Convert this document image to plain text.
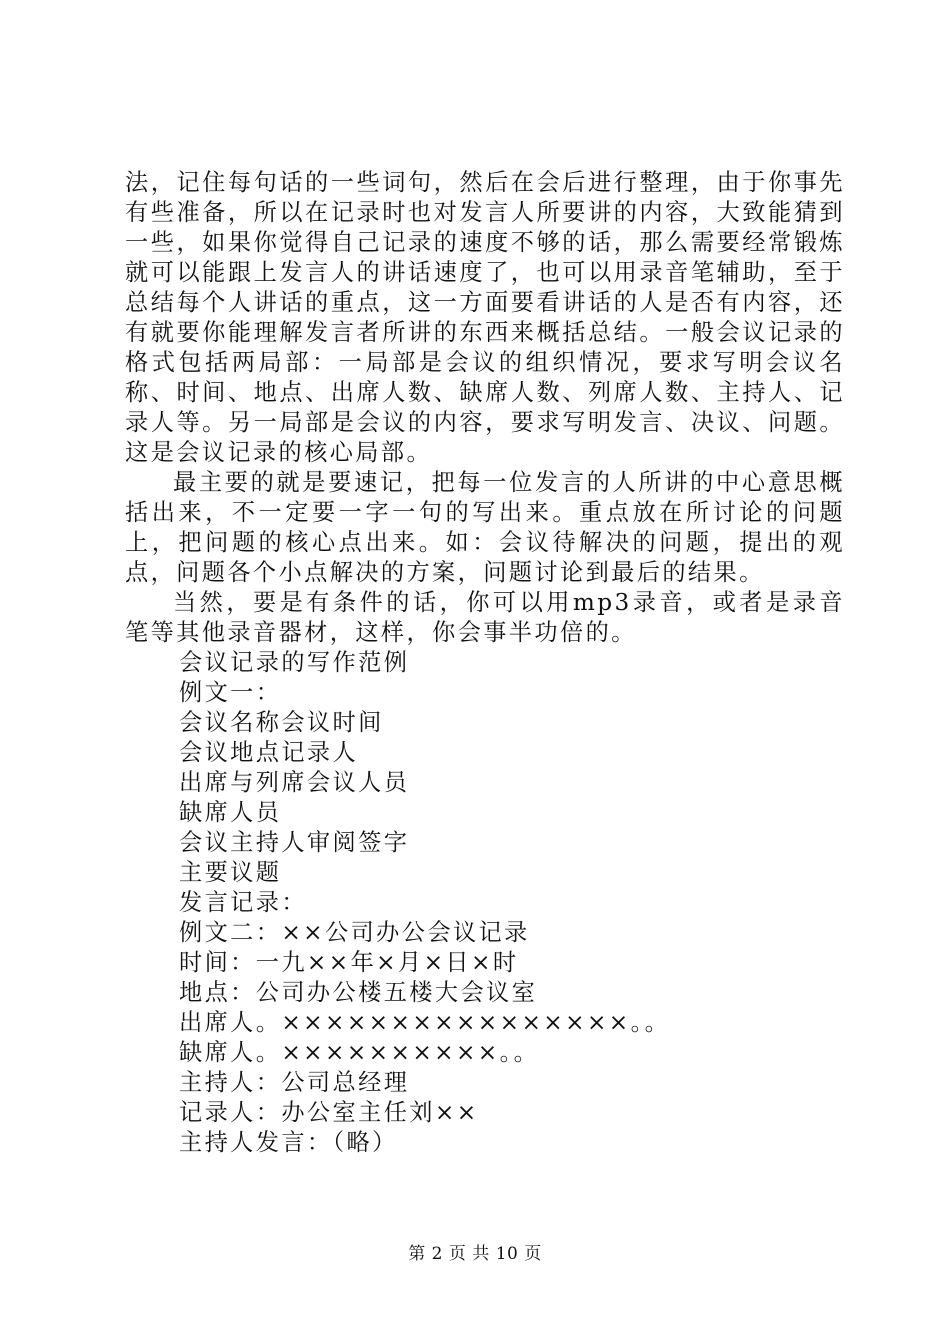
法，记住每句话的一些词句，然后在会后进行整理，由于你事先有些准备，所以在记录时也对发言人所要讲的内容，大致能猜到一些，如果你觉得自己记录的速度不够的话，那么需要经常锻炼就可以能跟上发言人的讲话速度了，也可以用录音笔辅助，至于总结每个人讲话的重点，这一方面要看讲话的人是否有内容，还有就要你能理解发言者所讲的东西来概括总结。一般会议记录的格式包括两局部：一局部是会议的组织情况，要求写明会议名称、时间、地点、出席人数、缺席人数、列席人数、主持人、记录人等。另一局部是会议的内容，要求写明发言、决议、问题。这是会议记录的核心局部。

最主要的就是要速记，把每一位发言的人所讲的中心意思概括出来，不一定要一字一句的写出来。重点放在所讨论的问题上，把问题的核心点出来。如：会议待解决的问题，提出的观点，问题各个小点解决的方案，问题讨论到最后的结果。

当然，要是有条件的话，你可以用mp3录音，或者是录音笔等其他录音器材，这样，你会事半功倍的。

会议记录的写作范例
例文一：
会议名称会议时间
会议地点记录人
出席与列席会议人员
缺席人员
会议主持人审阅签字
主要议题
发言记录：
例文二：××公司办公会议记录
时间：一九××年×月×日×时
地点：公司办公楼五楼大会议室
出席人。××××××××××××××××。。
缺席人。××××××××××。。
主持人：公司总经理
记录人：办公室主任刘××
主持人发言：（略）
第 2 页 共 10 页
